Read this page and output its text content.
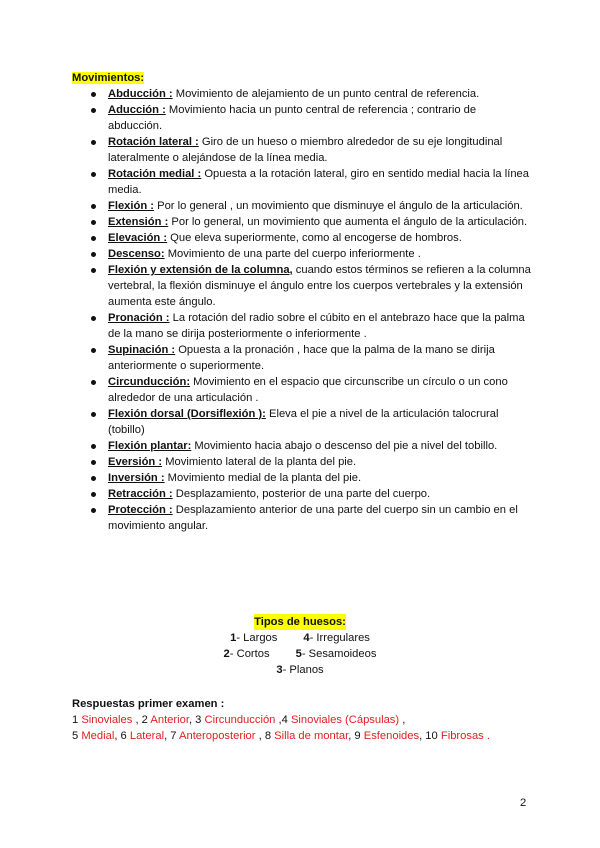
Movimientos:
Abducción : Movimiento de alejamiento de un punto central de referencia.
Aducción : Movimiento hacia un punto central de referencia ; contrario de abducción.
Rotación lateral : Giro de un hueso o miembro alrededor de su eje longitudinal lateralmente o alejándose de la línea media.
Rotación medial : Opuesta a la rotación lateral, giro en sentido medial hacia la línea media.
Flexión : Por lo general , un movimiento que disminuye el ángulo de la articulación.
Extensión : Por lo general, un movimiento que aumenta el ángulo de la articulación.
Elevación : Que eleva superiormente, como al encogerse de hombros.
Descenso: Movimiento de una parte del cuerpo inferiormente .
Flexión y extensión de la columna, cuando estos términos se refieren a la columna vertebral, la flexión disminuye el ángulo entre los cuerpos vertebrales y la extensión aumenta este ángulo.
Pronación : La rotación del radio sobre el cúbito en el antebrazo hace que la palma de la mano se dirija posteriormente o inferiormente .
Supinación : Opuesta a la pronación , hace que la palma de la mano se dirija anteriormente o superiormente.
Circunducción: Movimiento en el espacio que circunscribe un círculo o un cono alrededor de una articulación .
Flexión dorsal (Dorsiflexión ): Eleva el pie a nivel de la articulación talocrural (tobillo)
Flexión plantar: Movimiento hacia abajo o descenso del pie a nivel del tobillo.
Eversión : Movimiento lateral de la planta del pie.
Inversión : Movimiento medial de la planta del pie.
Retracción : Desplazamiento, posterior de una parte del cuerpo.
Protección : Desplazamiento anterior de una parte del cuerpo sin un cambio en el movimiento angular.
Tipos de huesos:
1- Largos 4- Irregulares
2- Cortos 5- Sesamoideos
3- Planos
Respuestas primer examen :
1 Sinoviales , 2 Anterior, 3 Circunducción ,4 Sinoviales (Cápsulas) ,
5 Medial, 6 Lateral, 7 Anteroposterior , 8 Silla de montar, 9 Esfenoides, 10 Fibrosas .
2
